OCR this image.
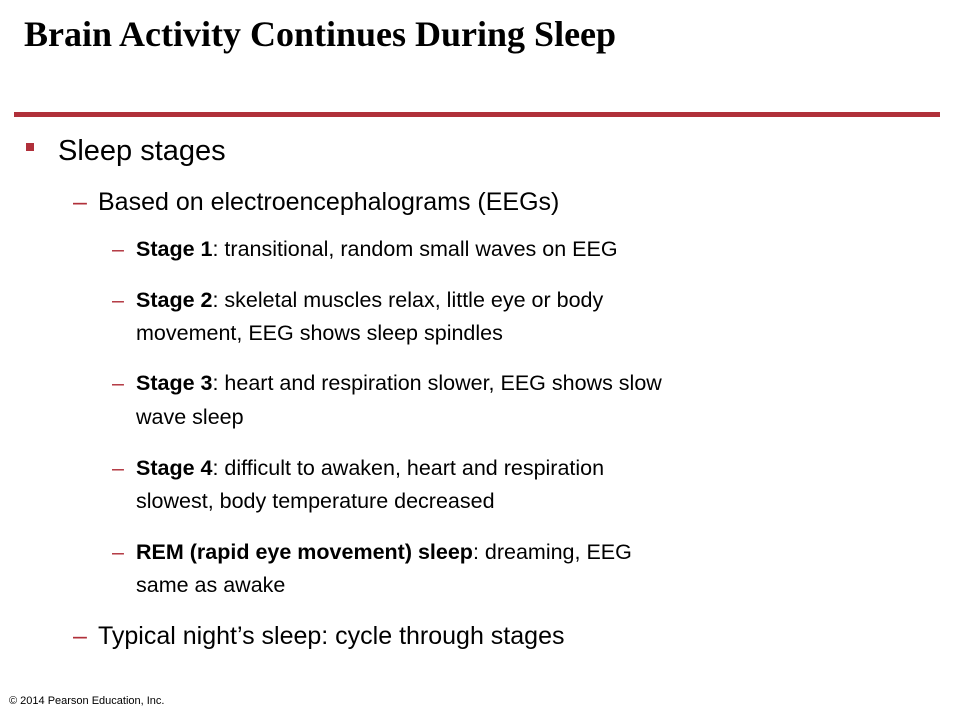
Brain Activity Continues During Sleep
Sleep stages
– Based on electroencephalograms (EEGs)
– Stage 1: transitional, random small waves on EEG
– Stage 2: skeletal muscles relax, little eye or body
movement, EEG shows sleep spindles
– Stage 3: heart and respiration slower, EEG shows slow
wave sleep
– Stage 4: difficult to awaken, heart and respiration
slowest, body temperature decreased
– REM (rapid eye movement) sleep: dreaming, EEG
same as awake
– Typical night’s sleep: cycle through stages
© 2014 Pearson Education, Inc.
